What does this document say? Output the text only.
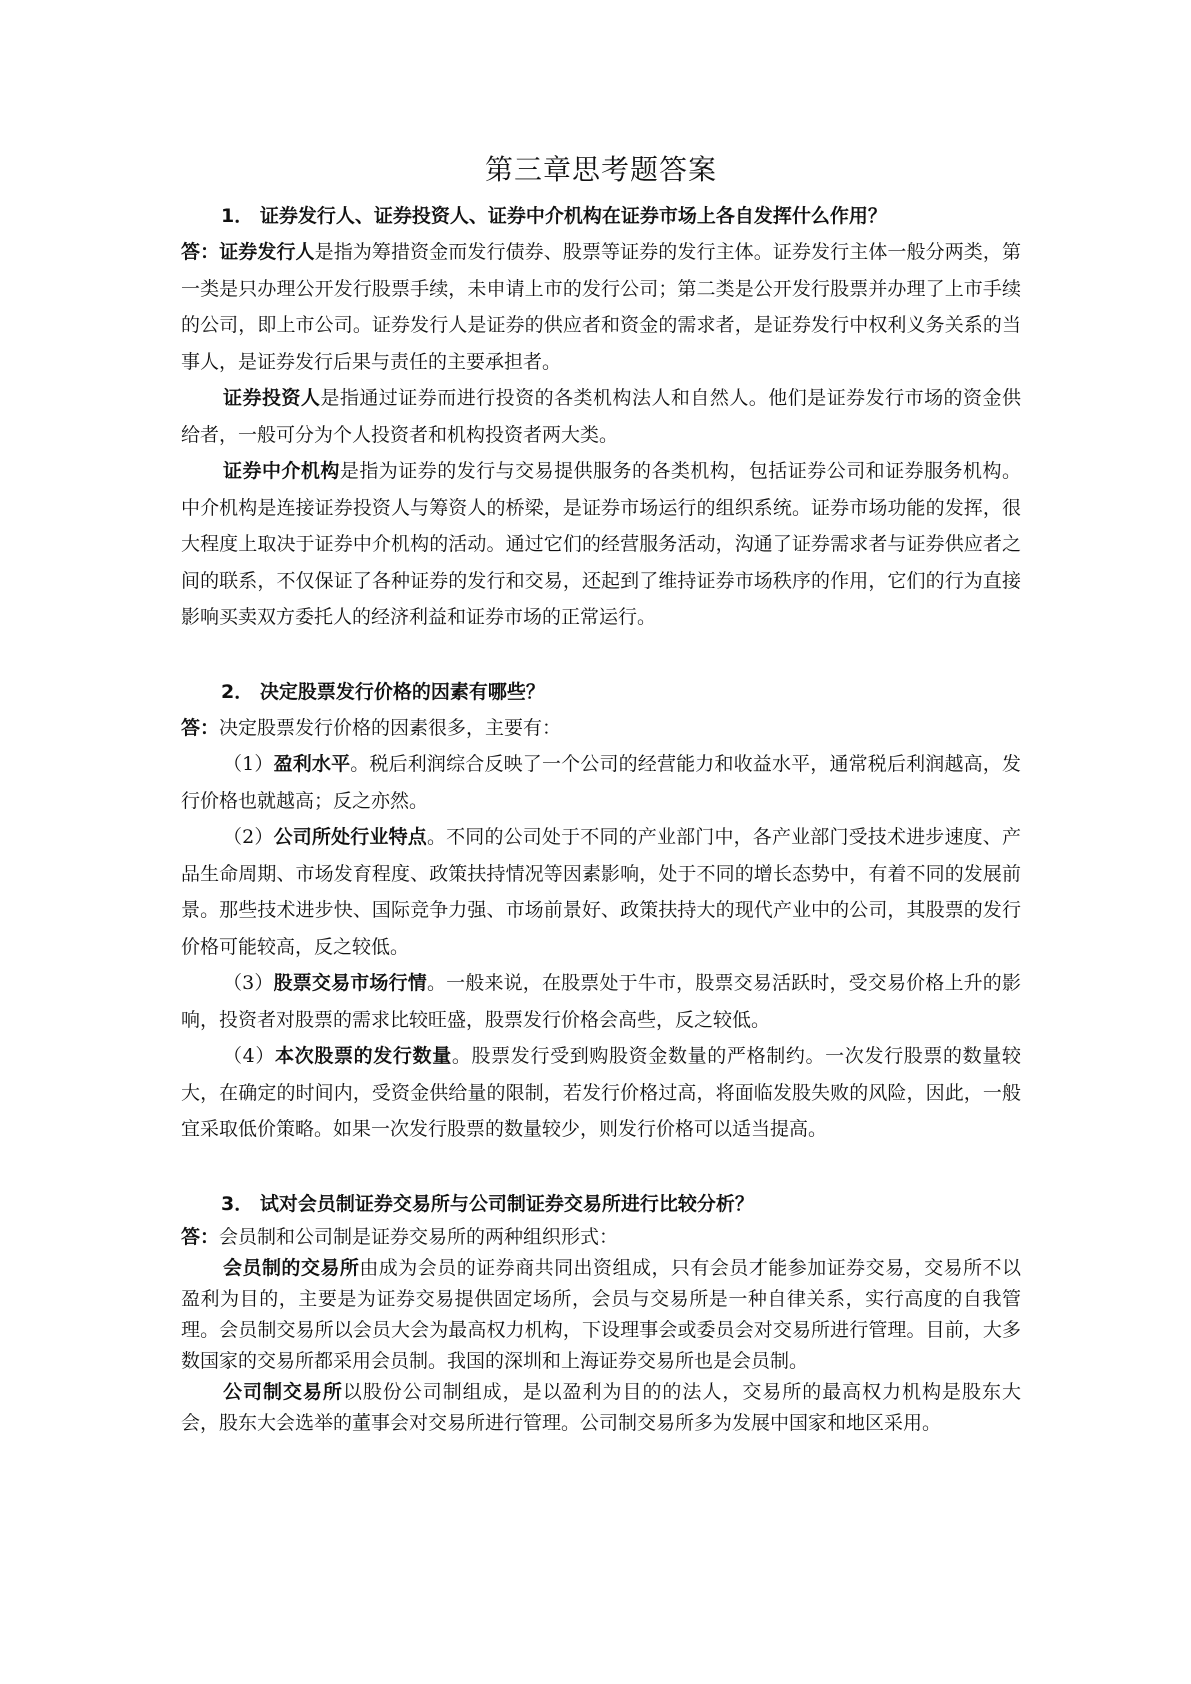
第三章思考题答案

1． 证券发行人、证券投资人、证券中介机构在证券市场上各自发挥什么作用？

答：证券发行人是指为筹措资金而发行债券、股票等证券的发行主体。证券发行主体一般分两类，第一类是只办理公开发行股票手续，未申请上市的发行公司；第二类是公开发行股票并办理了上市手续的公司，即上市公司。证券发行人是证券的供应者和资金的需求者，是证券发行中权利义务关系的当事人，是证券发行后果与责任的主要承担者。

证券投资人是指通过证券而进行投资的各类机构法人和自然人。他们是证券发行市场的资金供给者，一般可分为个人投资者和机构投资者两大类。

证券中介机构是指为证券的发行与交易提供服务的各类机构，包括证券公司和证券服务机构。中介机构是连接证券投资人与筹资人的桥梁，是证券市场运行的组织系统。证券市场功能的发挥，很大程度上取决于证券中介机构的活动。通过它们的经营服务活动，沟通了证券需求者与证券供应者之间的联系，不仅保证了各种证券的发行和交易，还起到了维持证券市场秩序的作用，它们的行为直接影响买卖双方委托人的经济利益和证券市场的正常运行。

2． 决定股票发行价格的因素有哪些？

答：决定股票发行价格的因素很多，主要有：

（1）盈利水平。税后利润综合反映了一个公司的经营能力和收益水平，通常税后利润越高，发行价格也就越高；反之亦然。

（2）公司所处行业特点。不同的公司处于不同的产业部门中，各产业部门受技术进步速度、产品生命周期、市场发育程度、政策扶持情况等因素影响，处于不同的增长态势中，有着不同的发展前景。那些技术进步快、国际竞争力强、市场前景好、政策扶持大的现代产业中的公司，其股票的发行价格可能较高，反之较低。

（3）股票交易市场行情。一般来说，在股票处于牛市，股票交易活跃时，受交易价格上升的影响，投资者对股票的需求比较旺盛，股票发行价格会高些，反之较低。

（4）本次股票的发行数量。股票发行受到购股资金数量的严格制约。一次发行股票的数量较大，在确定的时间内，受资金供给量的限制，若发行价格过高，将面临发股失败的风险，因此，一般宜采取低价策略。如果一次发行股票的数量较少，则发行价格可以适当提高。

3． 试对会员制证券交易所与公司制证券交易所进行比较分析？

答：会员制和公司制是证券交易所的两种组织形式：

会员制的交易所由成为会员的证券商共同出资组成，只有会员才能参加证券交易，交易所不以盈利为目的，主要是为证券交易提供固定场所，会员与交易所是一种自律关系，实行高度的自我管理。会员制交易所以会员大会为最高权力机构，下设理事会或委员会对交易所进行管理。目前，大多数国家的交易所都采用会员制。我国的深圳和上海证券交易所也是会员制。

公司制交易所以股份公司制组成，是以盈利为目的的法人，交易所的最高权力机构是股东大会，股东大会选举的董事会对交易所进行管理。公司制交易所多为发展中国家和地区采用。
